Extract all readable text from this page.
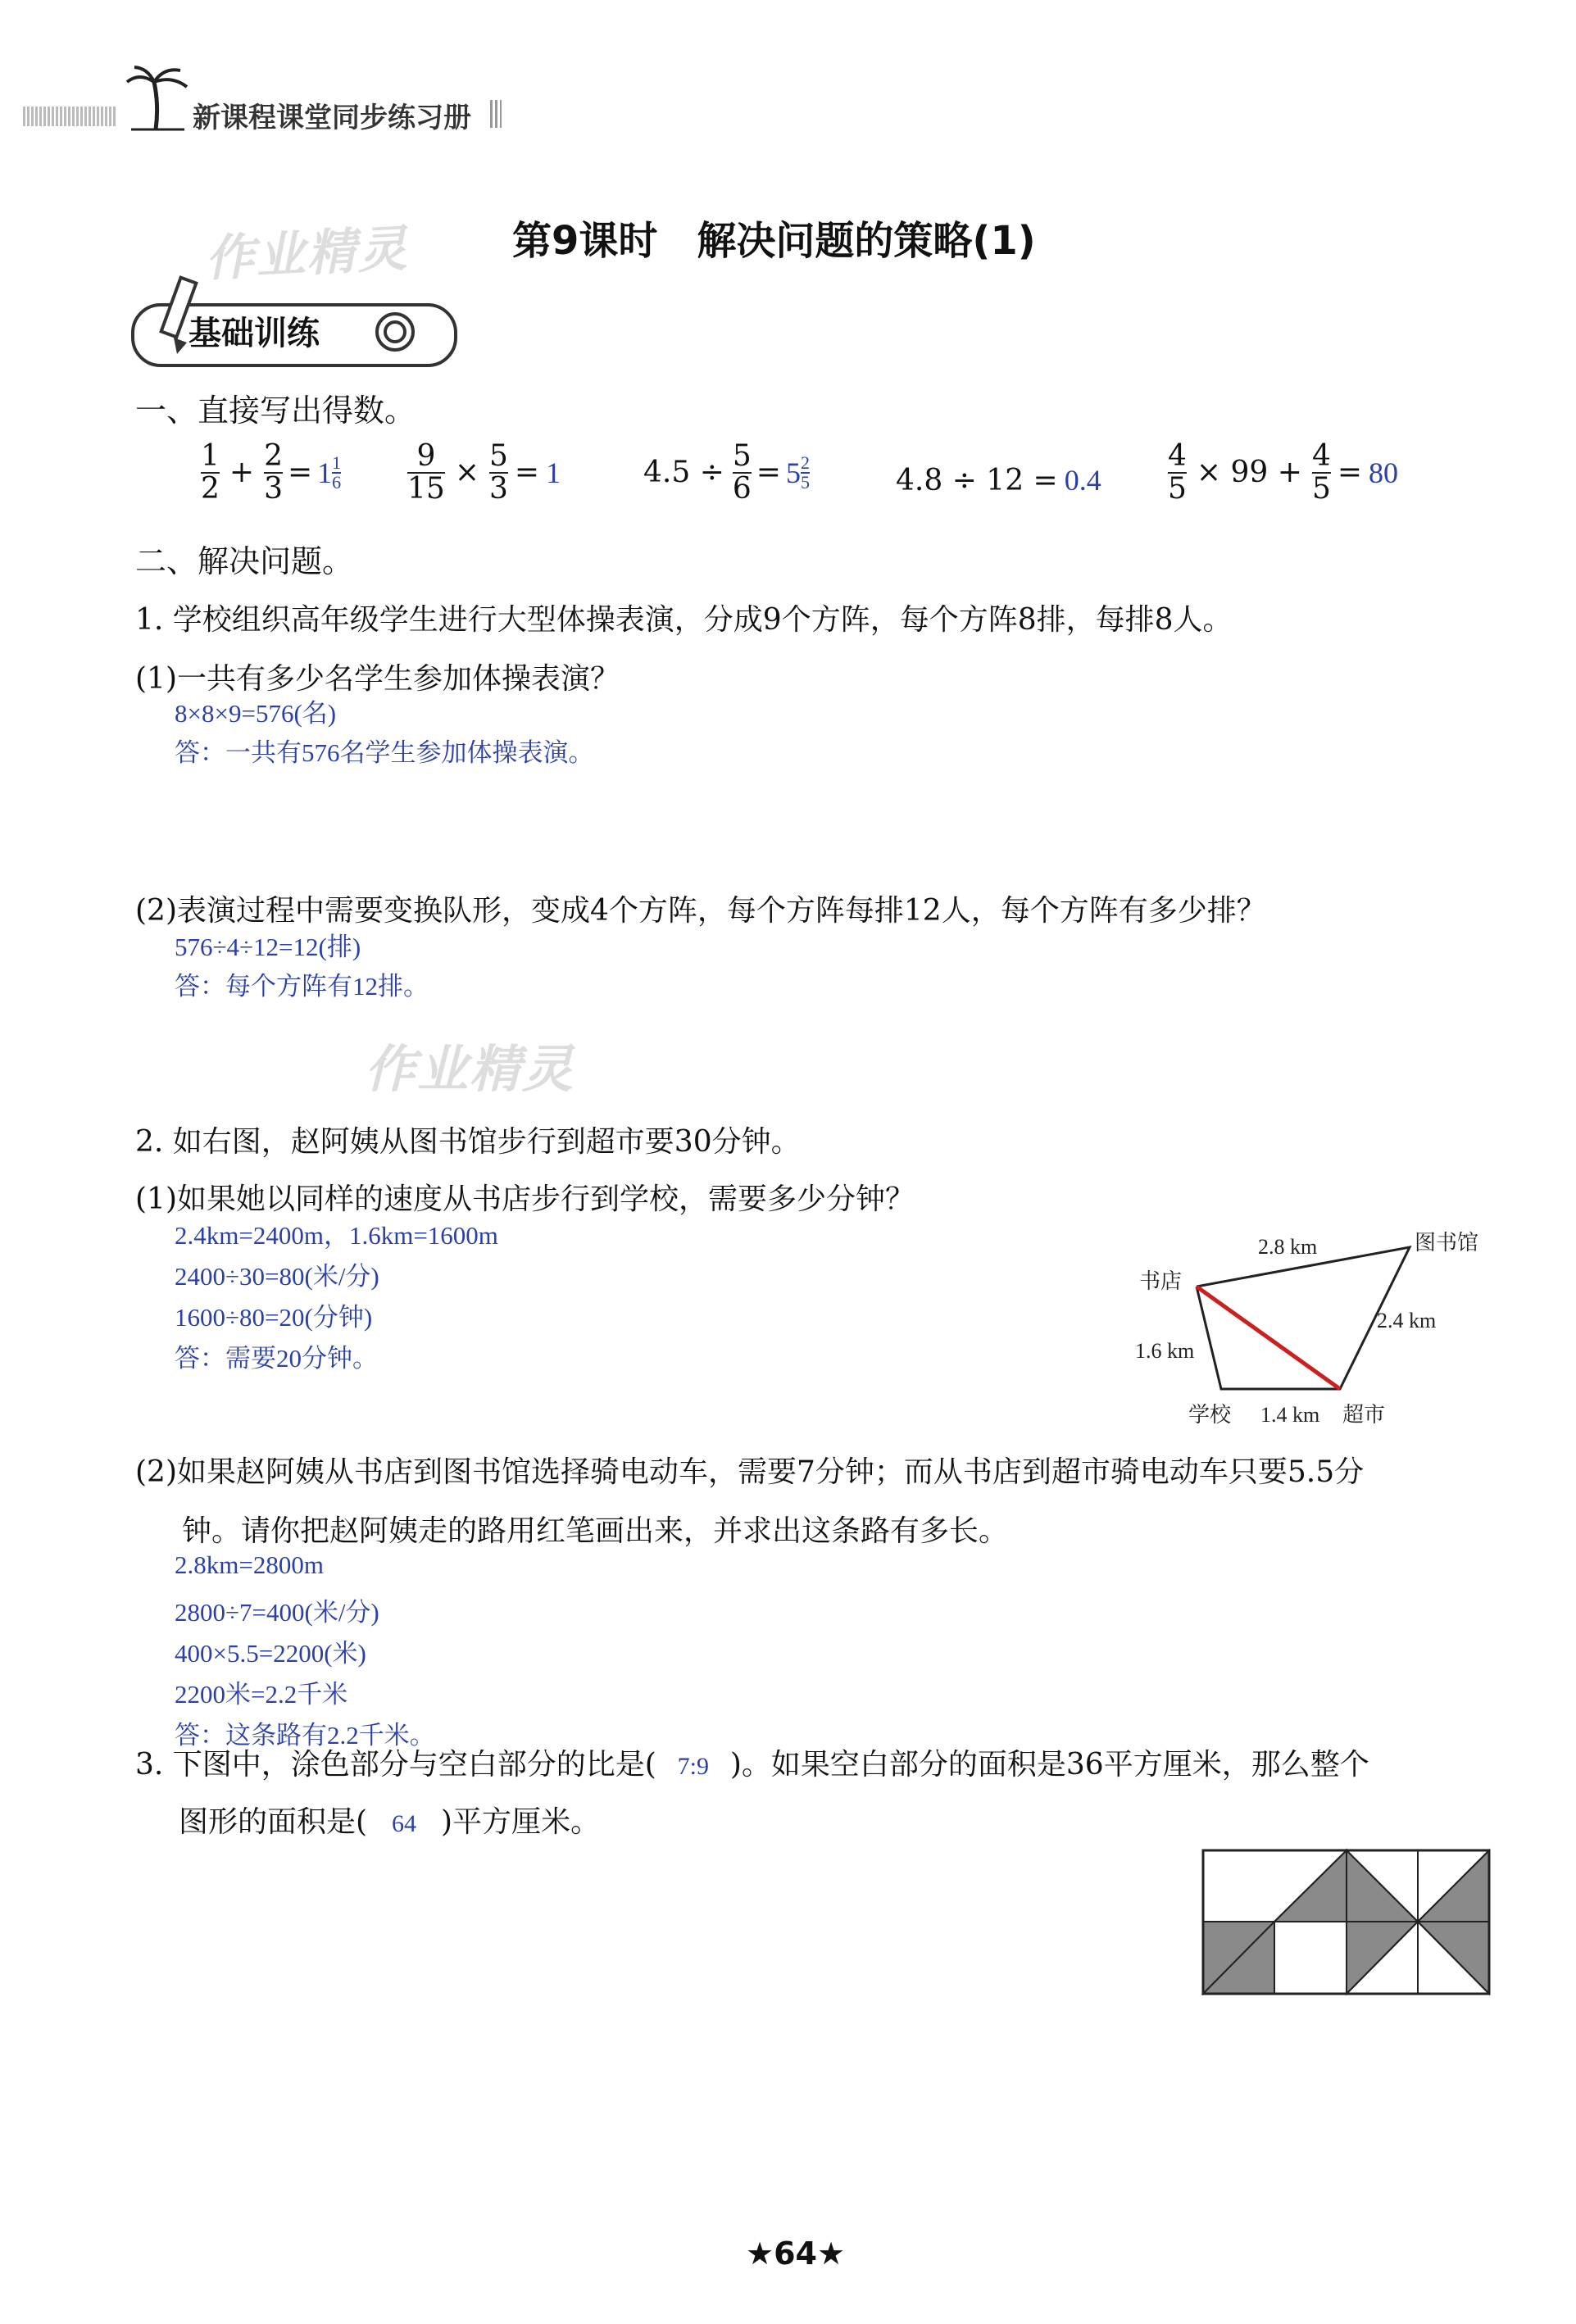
新课程课堂同步练习册
作业精灵
作业精灵
第9课时　解决问题的策略(1)
基础训练
一、直接写出得数。
$\frac{1}{2} + \frac{2}{3} = 1 \frac{1}{6} \frac{9}{15} \times \frac{5}{3} = 1$	$4.5 \div \frac{5}{6} = 5 \frac{2}{5}$	$4.8 \div 12 = 0.4 \frac{4}{5} \times 99 + \frac{4}{5} = 80$
二、解决问题。
1. 学校组织高年级学生进行大型体操表演，分成9个方阵，每个方阵8排，每排8人。
(1)一共有多少名学生参加体操表演？
8×8×9=576(名)
答：一共有576名学生参加体操表演。
(2)表演过程中需要变换队形，变成4个方阵，每个方阵每排12人，每个方阵有多少排？
576÷4÷12=12(排)
答：每个方阵有12排。
2. 如右图，赵阿姨从图书馆步行到超市要30分钟。
(1)如果她以同样的速度从书店步行到学校，需要多少分钟？
2.4km=2400m，1.6km=1600m
2400÷30=80(米/分)
1600÷80=20(分钟)
答：需要20分钟。
书店
图书馆
学校	超市
2.8 km
2.4 km
1.6 km
1.4 km
(2)如果赵阿姨从书店到图书馆选择骑电动车，需要7分钟；而从书店到超市骑电动车只要5.5分
钟。请你把赵阿姨走的路用红笔画出来，并求出这条路有多长。
2.8km=2800m
2800÷7=400(米/分)
400×5.5=2200(米)
2200米=2.2千米
答：这条路有2.2千米。
3. 下图中，涂色部分与空白部分的比是( 7:9 )。如果空白部分的面积是36平方厘米，那么整个
图形的面积是( 64 )平方厘米。
★64★
